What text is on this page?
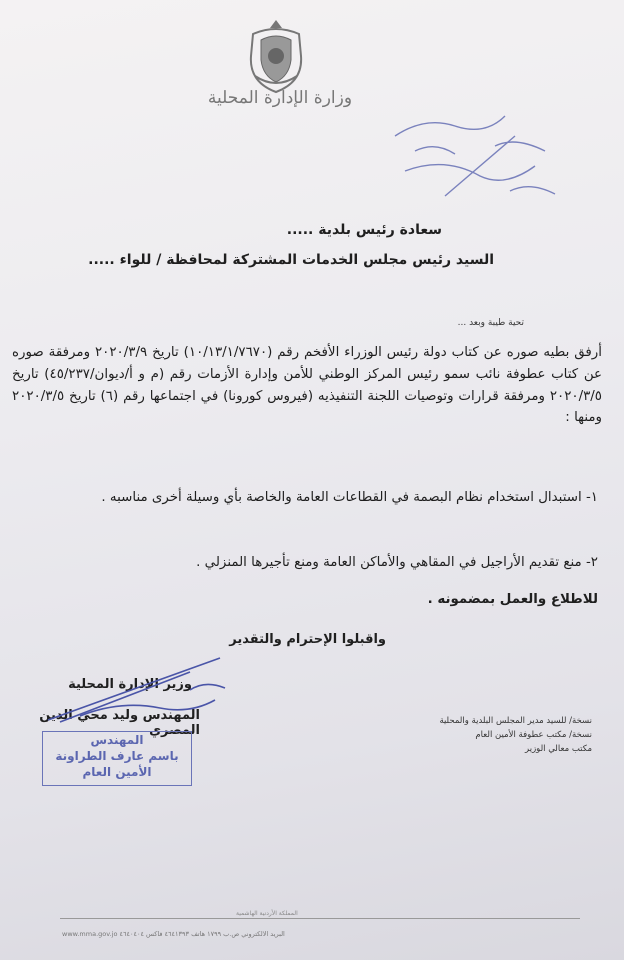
وزارة الإدارة المحلية
سعادة رئيس بلدية .....
السيد رئيس مجلس الخدمات المشتركة لمحافظة / للواء .....
تحية طيبة وبعد ...
أرفق بطيه صوره عن كتاب دولة رئيس الوزراء الأفخم رقم (١٠/١٣/١/٧٦٧٠) تاريخ ٢٠٢٠/٣/٩ ومرفقة صوره عن كتاب عطوفة نائب سمو رئيس المركز الوطني للأمن وإدارة الأزمات رقم (م و أ/ديوان/٤٥/٢٣٧) تاريخ ٢٠٢٠/٣/٥ ومرفقة قرارات وتوصيات اللجنة التنفيذيه (فيروس كورونا) في اجتماعها رقم (٦) تاريخ ٢٠٢٠/٣/٥ ومنها :
١- استبدال استخدام نظام البصمة في القطاعات العامة والخاصة بأي وسيلة أخرى مناسبه .
٢- منع تقديم الأراجيل في المقاهي والأماكن العامة ومنع تأجيرها المنزلي .
للاطلاع والعمل بمضمونه .
واقبلوا الإحترام والتقدير
وزير الإدارة المحلية
المهندس وليد محي الدين المصري
المهندس
باسم عارف الطراونة
الأمين العام
نسخة/ للسيد مدير المجلس البلدية والمحلية
نسخة/ مكتب عطوفة الأمين العام
مكتب معالي الوزير
المملكة الأردنية الهاشمية
www.mma.gov.jo البريد الالكتروني ص.ب ١٧٩٩ هاتف ٤٦٤١٣٩٣ فاكس ٤٦٤٠٤٠٤
